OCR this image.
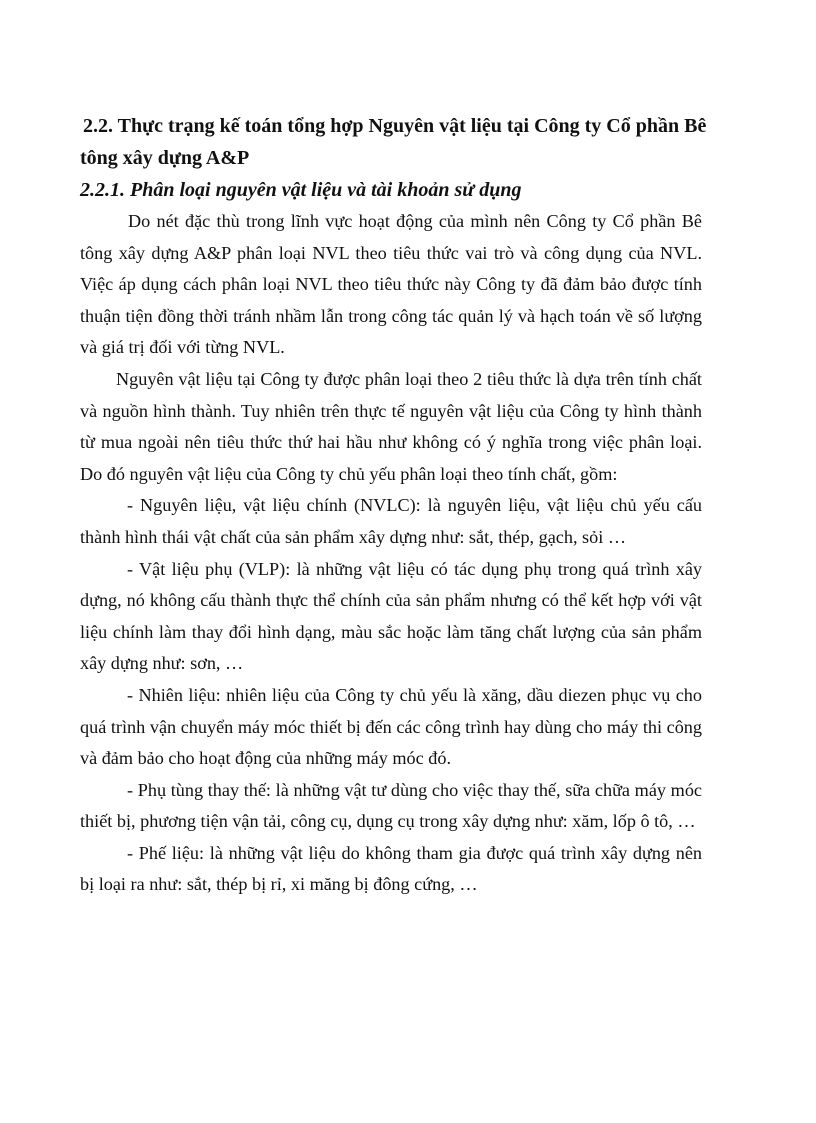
2.2. Thực trạng kế toán tổng hợp Nguyên vật liệu tại Công ty Cổ phần Bê tông xây dựng A&P
2.2.1. Phân loại nguyên vật liệu và tài khoản sử dụng

Do nét đặc thù trong lĩnh vực hoạt động của mình nên Công ty Cổ phần Bê tông xây dựng A&P phân loại NVL theo tiêu thức vai trò và công dụng của NVL. Việc áp dụng cách phân loại NVL theo tiêu thức này Công ty đã đảm bảo được tính thuận tiện đồng thời tránh nhầm lẫn trong công tác quản lý và hạch toán về số lượng và giá trị đối với từng NVL.

Nguyên vật liệu tại Công ty được phân loại theo 2 tiêu thức là dựa trên tính chất và nguồn hình thành. Tuy nhiên trên thực tế nguyên vật liệu của Công ty hình thành từ mua ngoài nên tiêu thức thứ hai hầu như không có ý nghĩa trong việc phân loại. Do đó nguyên vật liệu của Công ty chủ yếu phân loại theo tính chất, gồm:

- Nguyên liệu, vật liệu chính (NVLC): là nguyên liệu, vật liệu chủ yếu cấu thành hình thái vật chất của sản phẩm xây dựng như: sắt, thép, gạch, sỏi …

- Vật liệu phụ (VLP): là những vật liệu có tác dụng phụ trong quá trình xây dựng, nó không cấu thành thực thể chính của sản phẩm nhưng có thể kết hợp với vật liệu chính làm thay đổi hình dạng, màu sắc hoặc làm tăng chất lượng của sản phẩm xây dựng như: sơn, …

- Nhiên liệu: nhiên liệu của Công ty chủ yếu là xăng, dầu diezen phục vụ cho quá trình vận chuyển máy móc thiết bị đến các công trình hay dùng cho máy thi công và đảm bảo cho hoạt động của những máy móc đó.

- Phụ tùng thay thế: là những vật tư dùng cho việc thay thế, sữa chữa máy móc thiết bị, phương tiện vận tải, công cụ, dụng cụ trong xây dựng như: xăm, lốp ô tô, …

- Phế liệu: là những vật liệu do không tham gia được quá trình xây dựng nên bị loại ra như: sắt, thép bị rỉ, xi măng bị đông cứng, …
